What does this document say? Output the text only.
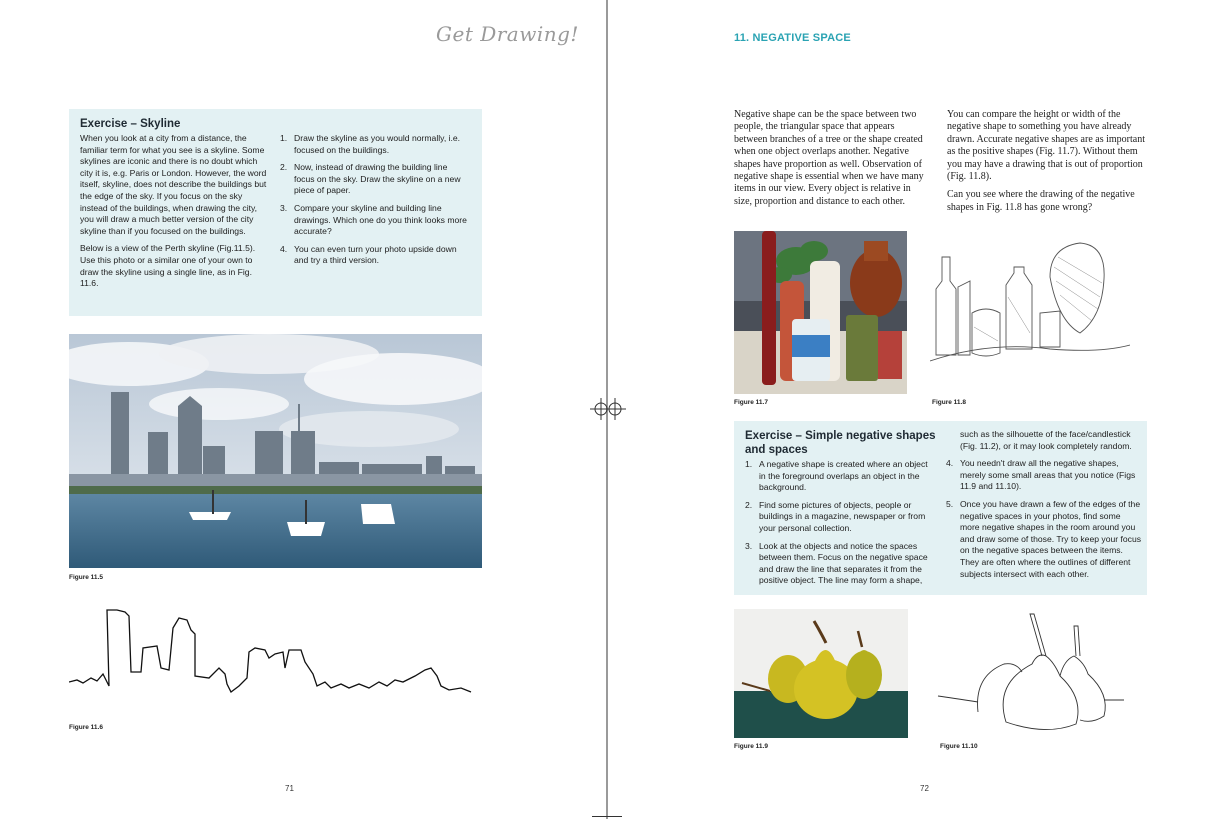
Get Drawing!
Exercise – Skyline

When you look at a city from a distance, the familiar term for what you see is a skyline. Some skylines are iconic and there is no doubt which city it is, e.g. Paris or London. However, the word itself, skyline, does not describe the buildings but the edge of the sky. If you focus on the sky instead of the buildings, when drawing the city, you will draw a much better version of the city skyline than if you focused on the buildings.

Below is a view of the Perth skyline (Fig.11.5). Use this photo or a similar one of your own to draw the skyline using a single line, as in Fig. 11.6.

1. Draw the skyline as you would normally, i.e. focused on the buildings.
2. Now, instead of drawing the building line focus on the sky. Draw the skyline on a new piece of paper.
3. Compare your skyline and building line drawings. Which one do you think looks more accurate?
4. You can even turn your photo upside down and try a third version.
Figure 11.5
Figure 11.6
71
11. NEGATIVE SPACE

Negative shape can be the space between two people, the triangular space that appears between branches of a tree or the shape created when one object overlaps another. Negative shapes have proportion as well. Observation of negative shape is essential when we have many items in our view. Every object is relative in size, proportion and distance to each other.

You can compare the height or width of the negative shape to something you have already drawn. Accurate negative shapes are as important as the positive shapes (Fig. 11.7). Without them you may have a drawing that is out of proportion (Fig. 11.8).

Can you see where the drawing of the negative shapes in Fig. 11.8 has gone wrong?

Figure 11.7	Figure 11.8
Exercise – Simple negative shapes
and spaces
1. A negative shape is created where an object in the foreground overlaps an object in the background.
2. Find some pictures of objects, people or buildings in a magazine, newspaper or from your personal collection.
3. Look at the objects and notice the spaces between them. Focus on the negative space and draw the line that separates it from the positive object. The line may form a shape,
such as the silhouette of the face/candlestick (Fig. 11.2), or it may look completely random.
4. You needn't draw all the negative shapes, merely some small areas that you notice (Figs 11.9 and 11.10).
5. Once you have drawn a few of the edges of the negative spaces in your photos, find some more negative shapes in the room around you and draw some of those. Try to keep your focus on the negative spaces between the items. They are often where the outlines of different subjects intersect with each other.
Figure 11.9	Figure 11.10
72
